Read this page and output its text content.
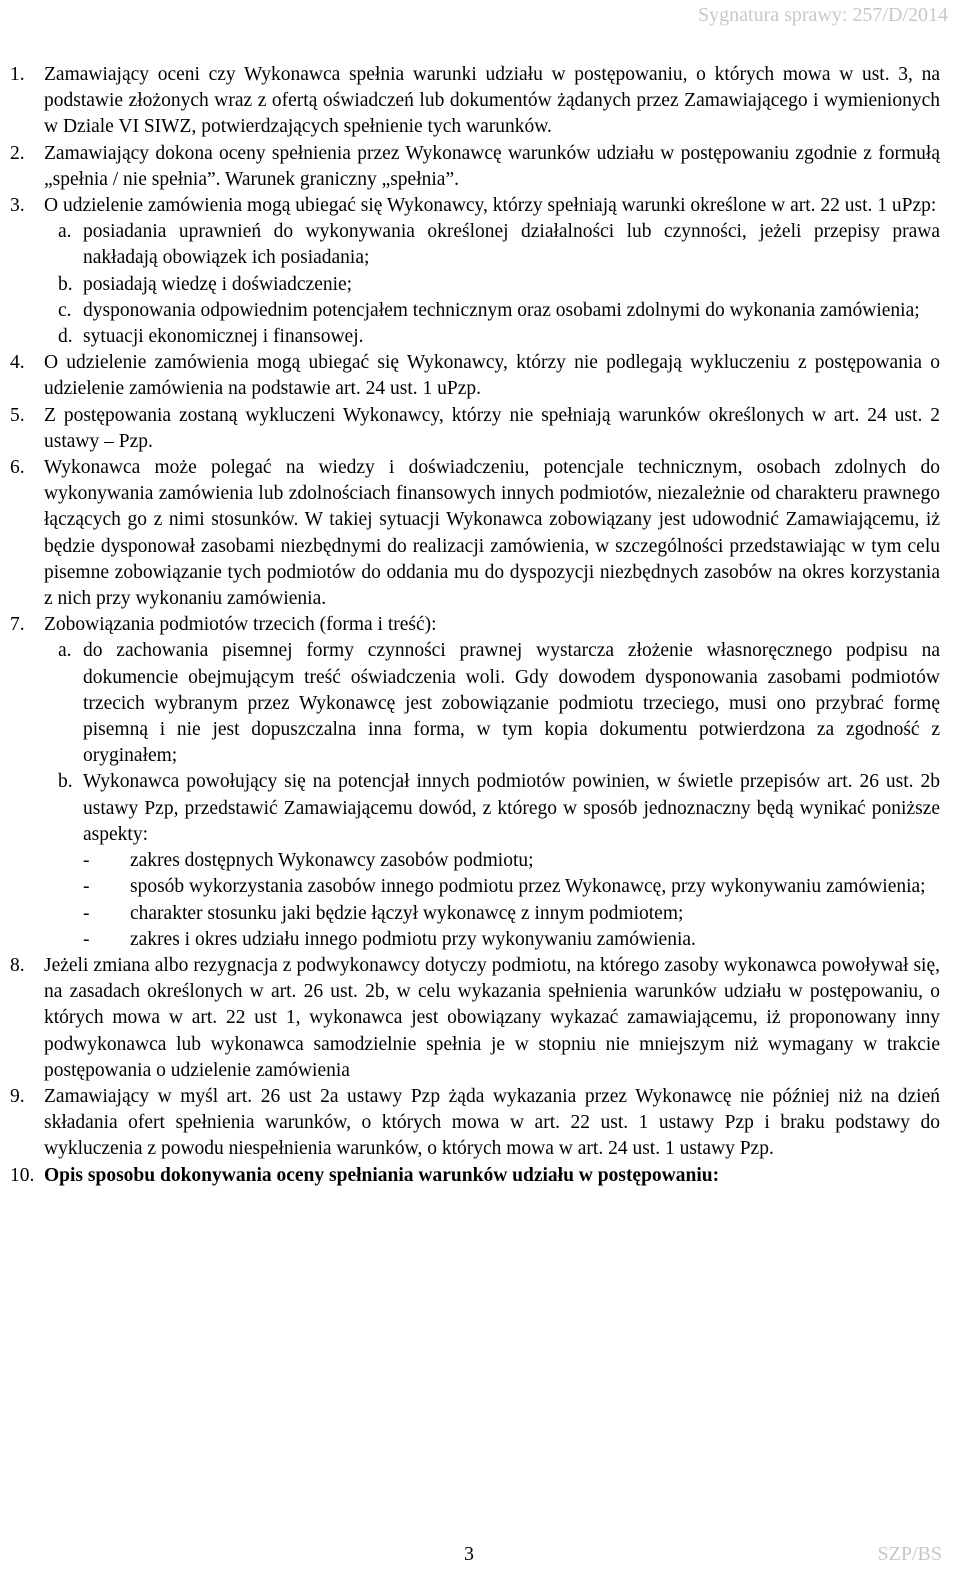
Sygnatura sprawy: 257/D/2014
1. Zamawiający oceni czy Wykonawca spełnia warunki udziału w postępowaniu, o których mowa w ust. 3, na podstawie złożonych wraz z ofertą oświadczeń lub dokumentów żądanych przez Zamawiającego i wymienionych w Dziale VI SIWZ, potwierdzających spełnienie tych warunków.
2. Zamawiający dokona oceny spełnienia przez Wykonawcę warunków udziału w postępowaniu zgodnie z formułą „spełnia / nie spełnia”. Warunek graniczny „spełnia”.
3. O udzielenie zamówienia mogą ubiegać się Wykonawcy, którzy spełniają warunki określone w art. 22 ust. 1 uPzp:
a. posiadania uprawnień do wykonywania określonej działalności lub czynności, jeżeli przepisy prawa nakładają obowiązek ich posiadania;
b. posiadają wiedzę i doświadczenie;
c. dysponowania odpowiednim potencjałem technicznym oraz osobami zdolnymi do wykonania zamówienia;
d. sytuacji ekonomicznej i finansowej.
4. O udzielenie zamówienia mogą ubiegać się Wykonawcy, którzy nie podlegają wykluczeniu z postępowania o udzielenie zamówienia na podstawie art. 24 ust. 1 uPzp.
5. Z postępowania zostaną wykluczeni Wykonawcy, którzy nie spełniają warunków określonych w art. 24 ust. 2 ustawy – Pzp.
6. Wykonawca może polegać na wiedzy i doświadczeniu, potencjale technicznym, osobach zdolnych do wykonywania zamówienia lub zdolnościach finansowych innych podmiotów, niezależnie od charakteru prawnego łączących go z nimi stosunków. W takiej sytuacji Wykonawca zobowiązany jest udowodnić Zamawiającemu, iż będzie dysponował zasobami niezbędnymi do realizacji zamówienia, w szczególności przedstawiając w tym celu pisemne zobowiązanie tych podmiotów do oddania mu do dyspozycji niezbędnych zasobów na okres korzystania z nich przy wykonaniu zamówienia.
7. Zobowiązania podmiotów trzecich (forma i treść):
a. do zachowania pisemnej formy czynności prawnej wystarcza złożenie własnoręcznego podpisu na dokumencie obejmującym treść oświadczenia woli. Gdy dowodem dysponowania zasobami podmiotów trzecich wybranym przez Wykonawcę jest zobowiązanie podmiotu trzeciego, musi ono przybrać formę pisemną i nie jest dopuszczalna inna forma, w tym kopia dokumentu potwierdzona za zgodność z oryginałem;
b. Wykonawca powołujący się na potencjał innych podmiotów powinien, w świetle przepisów art. 26 ust. 2b ustawy Pzp, przedstawić Zamawiającemu dowód, z którego w sposób jednoznaczny będą wynikać poniższe aspekty:
-	zakres dostępnych Wykonawcy zasobów podmiotu;
-	sposób wykorzystania zasobów innego podmiotu przez Wykonawcę, przy wykonywaniu zamówienia;
-	charakter stosunku jaki będzie łączył wykonawcę z innym podmiotem;
-	zakres i okres udziału innego podmiotu przy wykonywaniu zamówienia.
8. Jeżeli zmiana albo rezygnacja z podwykonawcy dotyczy podmiotu, na którego zasoby wykonawca powoływał się, na zasadach określonych w art. 26 ust. 2b, w celu wykazania spełnienia warunków udziału w postępowaniu, o których mowa w art. 22 ust 1, wykonawca jest obowiązany wykazać zamawiającemu, iż proponowany inny podwykonawca lub wykonawca samodzielnie spełnia je w stopniu nie mniejszym niż wymagany w trakcie postępowania o udzielenie zamówienia
9. Zamawiający w myśl art. 26 ust 2a ustawy Pzp żąda wykazania przez Wykonawcę nie później niż na dzień składania ofert spełnienia warunków, o których mowa w art. 22 ust. 1 ustawy Pzp i braku podstawy do wykluczenia z powodu niespełnienia warunków, o których mowa w art. 24 ust. 1 ustawy Pzp.
10. Opis sposobu dokonywania oceny spełniania warunków udziału w postępowaniu:
3	SZP/BS
